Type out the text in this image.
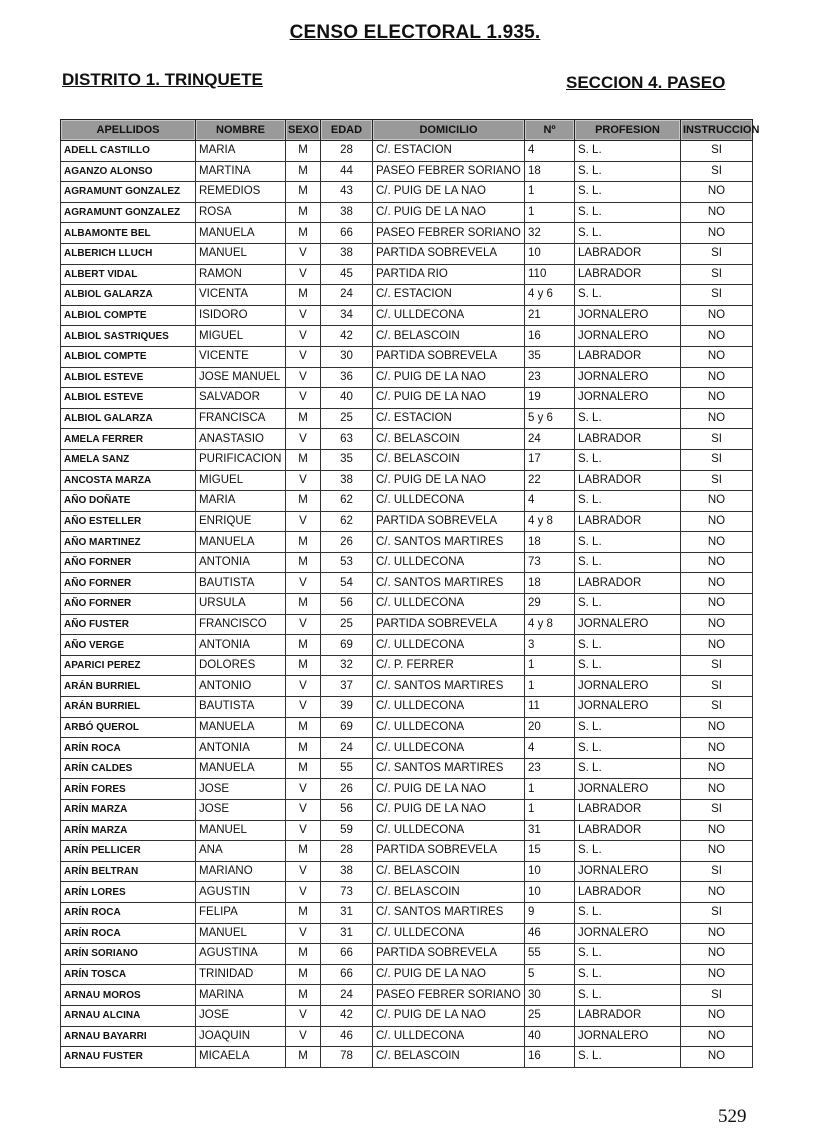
CENSO ELECTORAL 1.935.
DISTRITO 1. TRINQUETE	SECCION 4. PASEO
APELLIDOS	NOMBRE	SEXO	EDAD	DOMICILIO	Nº	PROFESION	INSTRUCCION
ADELL CASTILLO	MARIA	M	28	C/. ESTACION	4	S. L.	SI
AGANZO ALONSO	MARTINA	M	44	PASEO FEBRER SORIANO	18	S. L.	SI
AGRAMUNT GONZALEZ	REMEDIOS	M	43	C/. PUIG DE LA NAO	1	S. L.	NO
AGRAMUNT GONZALEZ	ROSA	M	38	C/. PUIG DE LA NAO	1	S. L.	NO
ALBAMONTE BEL	MANUELA	M	66	PASEO FEBRER SORIANO	32	S. L.	NO
ALBERICH LLUCH	MANUEL	V	38	PARTIDA SOBREVELA	10	LABRADOR	SI
ALBERT VIDAL	RAMON	V	45	PARTIDA RIO	110	LABRADOR	SI
ALBIOL GALARZA	VICENTA	M	24	C/. ESTACION	4 y 6	S. L.	SI
ALBIOL COMPTE	ISIDORO	V	34	C/. ULLDECONA	21	JORNALERO	NO
ALBIOL SASTRIQUES	MIGUEL	V	42	C/. BELASCOIN	16	JORNALERO	NO
ALBIOL COMPTE	VICENTE	V	30	PARTIDA SOBREVELA	35	LABRADOR	NO
ALBIOL ESTEVE	JOSE MANUEL	V	36	C/. PUIG DE LA NAO	23	JORNALERO	NO
ALBIOL ESTEVE	SALVADOR	V	40	C/. PUIG DE LA NAO	19	JORNALERO	NO
ALBIOL GALARZA	FRANCISCA	M	25	C/. ESTACION	5 y 6	S. L.	NO
AMELA FERRER	ANASTASIO	V	63	C/. BELASCOIN	24	LABRADOR	SI
AMELA SANZ	PURIFICACION	M	35	C/. BELASCOIN	17	S. L.	SI
ANCOSTA MARZA	MIGUEL	V	38	C/. PUIG DE LA NAO	22	LABRADOR	SI
AÑO DOÑATE	MARIA	M	62	C/. ULLDECONA	4	S. L.	NO
AÑO ESTELLER	ENRIQUE	V	62	PARTIDA SOBREVELA	4 y 8	LABRADOR	NO
AÑO MARTINEZ	MANUELA	M	26	C/. SANTOS MARTIRES	18	S. L.	NO
AÑO FORNER	ANTONIA	M	53	C/. ULLDECONA	73	S. L.	NO
AÑO FORNER	BAUTISTA	V	54	C/. SANTOS MARTIRES	18	LABRADOR	NO
AÑO FORNER	URSULA	M	56	C/. ULLDECONA	29	S. L.	NO
AÑO FUSTER	FRANCISCO	V	25	PARTIDA SOBREVELA	4 y 8	JORNALERO	NO
AÑO VERGE	ANTONIA	M	69	C/. ULLDECONA	3	S. L.	NO
APARICI PEREZ	DOLORES	M	32	C/. P. FERRER	1	S. L.	SI
ARÁN BURRIEL	ANTONIO	V	37	C/. SANTOS MARTIRES	1	JORNALERO	SI
ARÁN BURRIEL	BAUTISTA	V	39	C/. ULLDECONA	11	JORNALERO	SI
ARBÓ QUEROL	MANUELA	M	69	C/. ULLDECONA	20	S. L.	NO
ARÍN ROCA	ANTONIA	M	24	C/. ULLDECONA	4	S. L.	NO
ARÍN CALDES	MANUELA	M	55	C/. SANTOS MARTIRES	23	S. L.	NO
ARÍN FORES	JOSE	V	26	C/. PUIG DE LA NAO	1	JORNALERO	NO
ARÍN MARZA	JOSE	V	56	C/. PUIG DE LA NAO	1	LABRADOR	SI
ARÍN MARZA	MANUEL	V	59	C/. ULLDECONA	31	LABRADOR	NO
ARÍN PELLICER	ANA	M	28	PARTIDA SOBREVELA	15	S. L.	NO
ARÍN BELTRAN	MARIANO	V	38	C/. BELASCOIN	10	JORNALERO	SI
ARÍN LORES	AGUSTIN	V	73	C/. BELASCOIN	10	LABRADOR	NO
ARÍN ROCA	FELIPA	M	31	C/. SANTOS MARTIRES	9	S. L.	SI
ARÍN ROCA	MANUEL	V	31	C/. ULLDECONA	46	JORNALERO	NO
ARÍN SORIANO	AGUSTINA	M	66	PARTIDA SOBREVELA	55	S. L.	NO
ARÍN TOSCA	TRINIDAD	M	66	C/. PUIG DE LA NAO	5	S. L.	NO
ARNAU MOROS	MARINA	M	24	PASEO FEBRER SORIANO	30	S. L.	SI
ARNAU ALCINA	JOSE	V	42	C/. PUIG DE LA NAO	25	LABRADOR	NO
ARNAU BAYARRI	JOAQUIN	V	46	C/. ULLDECONA	40	JORNALERO	NO
ARNAU FUSTER	MICAELA	M	78	C/. BELASCOIN	16	S. L.	NO
529
